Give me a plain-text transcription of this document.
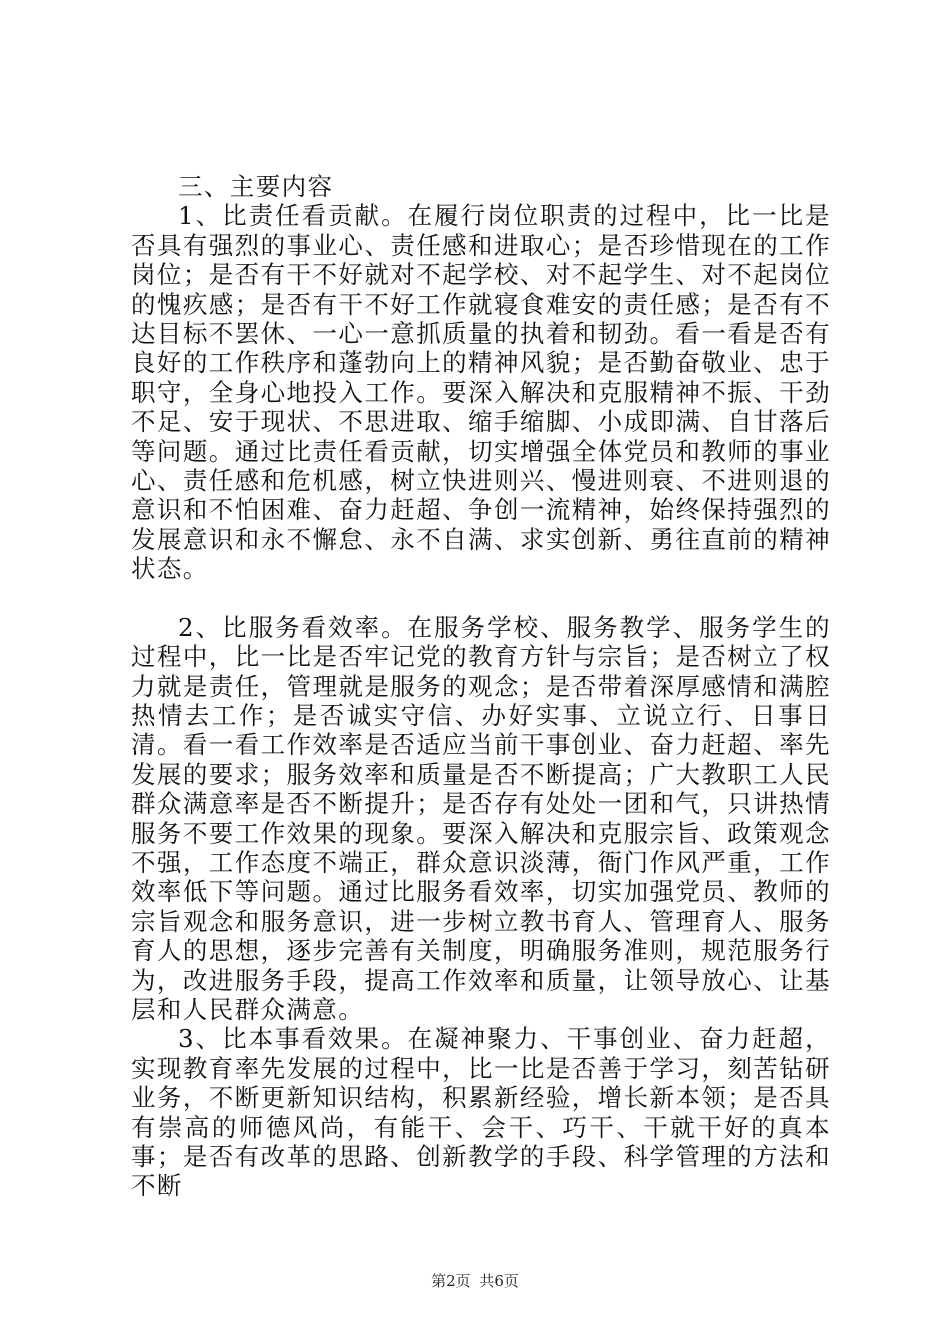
三、主要内容

1、比责任看贡献。在履行岗位职责的过程中，比一比是否具有强烈的事业心、责任感和进取心；是否珍惜现在的工作岗位；是否有干不好就对不起学校、对不起学生、对不起岗位的愧疚感；是否有干不好工作就寝食难安的责任感；是否有不达目标不罢休、一心一意抓质量的执着和韧劲。看一看是否有良好的工作秩序和蓬勃向上的精神风貌；是否勤奋敬业、忠于职守，全身心地投入工作。要深入解决和克服精神不振、干劲不足、安于现状、不思进取、缩手缩脚、小成即满、自甘落后等问题。通过比责任看贡献，切实增强全体党员和教师的事业心、责任感和危机感，树立快进则兴、慢进则衰、不进则退的意识和不怕困难、奋力赶超、争创一流精神，始终保持强烈的发展意识和永不懈怠、永不自满、求实创新、勇往直前的精神状态。

2、比服务看效率。在服务学校、服务教学、服务学生的过程中，比一比是否牢记党的教育方针与宗旨；是否树立了权力就是责任，管理就是服务的观念；是否带着深厚感情和满腔热情去工作；是否诚实守信、办好实事、立说立行、日事日清。看一看工作效率是否适应当前干事创业、奋力赶超、率先发展的要求；服务效率和质量是否不断提高；广大教职工人民群众满意率是否不断提升；是否存有处处一团和气，只讲热情服务不要工作效果的现象。要深入解决和克服宗旨、政策观念不强，工作态度不端正，群众意识淡薄，衙门作风严重，工作效率低下等问题。通过比服务看效率，切实加强党员、教师的宗旨观念和服务意识，进一步树立教书育人、管理育人、服务育人的思想，逐步完善有关制度，明确服务准则，规范服务行为，改进服务手段，提高工作效率和质量，让领导放心、让基层和人民群众满意。

3、比本事看效果。在凝神聚力、干事创业、奋力赶超，实现教育率先发展的过程中，比一比是否善于学习，刻苦钻研业务，不断更新知识结构，积累新经验，增长新本领；是否具有崇高的师德风尚，有能干、会干、巧干、干就干好的真本事；是否有改革的思路、创新教学的手段、科学管理的方法和不断

第2页 共6页
